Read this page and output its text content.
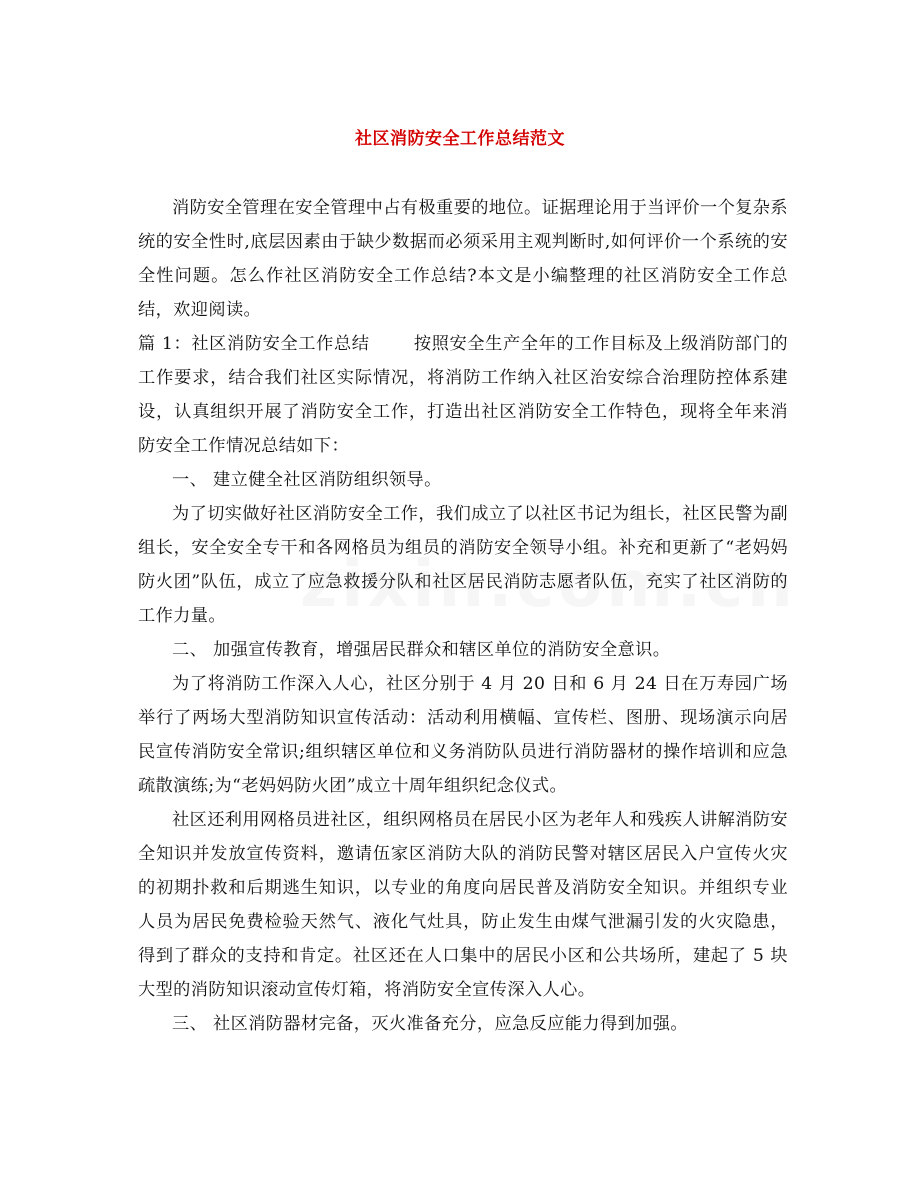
社区消防安全工作总结范文

消防安全管理在安全管理中占有极重要的地位。证据理论用于当评价一个复杂系统的安全性时,底层因素由于缺少数据而必须采用主观判断时,如何评价一个系统的安全性问题。怎么作社区消防安全工作总结?本文是小编整理的社区消防安全工作总结，欢迎阅读。

篇 1：社区消防安全工作总结	按照安全生产全年的工作目标及上级消防部门的工作要求，结合我们社区实际情况，将消防工作纳入社区治安综合治理防控体系建设，认真组织开展了消防安全工作，打造出社区消防安全工作特色，现将全年来消防安全工作情况总结如下：

一、 建立健全社区消防组织领导。

为了切实做好社区消防安全工作，我们成立了以社区书记为组长，社区民警为副组长，安全安全专干和各网格员为组员的消防安全领导小组。补充和更新了“老妈妈防火团”队伍，成立了应急救援分队和社区居民消防志愿者队伍，充实了社区消防的工作力量。

二、 加强宣传教育，增强居民群众和辖区单位的消防安全意识。

为了将消防工作深入人心，社区分别于 4 月 20 日和 6 月 24 日在万寿园广场举行了两场大型消防知识宣传活动：活动利用横幅、宣传栏、图册、现场演示向居民宣传消防安全常识;组织辖区单位和义务消防队员进行消防器材的操作培训和应急疏散演练;为“老妈妈防火团”成立十周年组织纪念仪式。

社区还利用网格员进社区，组织网格员在居民小区为老年人和残疾人讲解消防安全知识并发放宣传资料，邀请伍家区消防大队的消防民警对辖区居民入户宣传火灾的初期扑救和后期逃生知识，以专业的角度向居民普及消防安全知识。并组织专业人员为居民免费检验天然气、液化气灶具，防止发生由煤气泄漏引发的火灾隐患，得到了群众的支持和肯定。社区还在人口集中的居民小区和公共场所，建起了 5 块大型的消防知识滚动宣传灯箱，将消防安全宣传深入人心。

三、 社区消防器材完备，灭火准备充分，应急反应能力得到加强。
